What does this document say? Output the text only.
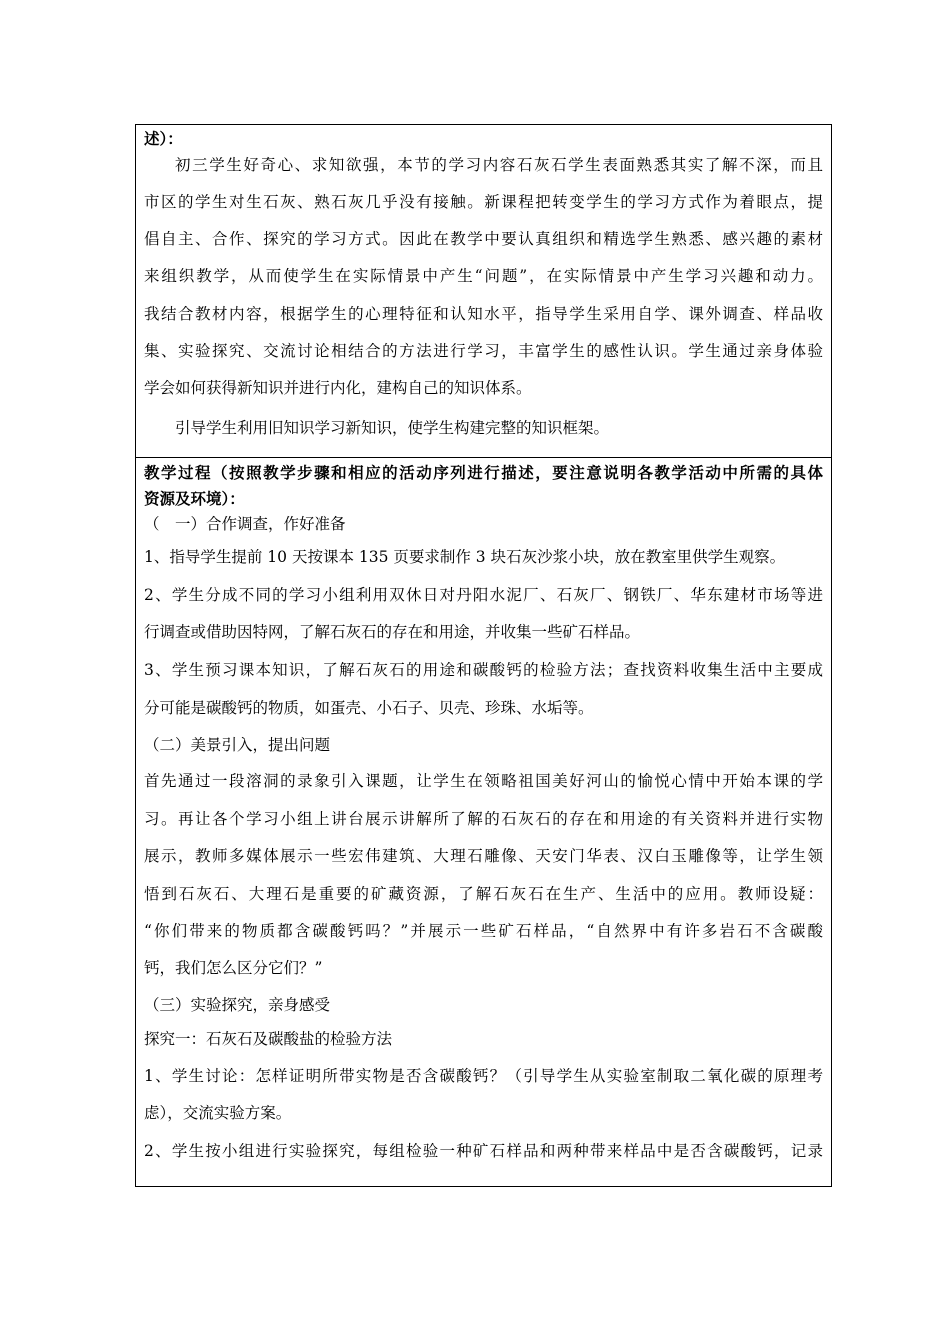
述）：
初三学生好奇心、求知欲强，本节的学习内容石灰石学生表面熟悉其实了解不深，而且
市区的学生对生石灰、熟石灰几乎没有接触。新课程把转变学生的学习方式作为着眼点，提
倡自主、合作、探究的学习方式。因此在教学中要认真组织和精选学生熟悉、感兴趣的素材
来组织教学，从而使学生在实际情景中产生“问题”，在实际情景中产生学习兴趣和动力。
我结合教材内容，根据学生的心理特征和认知水平，指导学生采用自学、课外调查、样品收
集、实验探究、交流讨论相结合的方法进行学习，丰富学生的感性认识。学生通过亲身体验
学会如何获得新知识并进行内化，建构自己的知识体系。
引导学生利用旧知识学习新知识，使学生构建完整的知识框架。
教学过程（按照教学步骤和相应的活动序列进行描述，要注意说明各教学活动中所需的具体
资源及环境）：
（　一）合作调查，作好准备
1、指导学生提前 10 天按课本 135 页要求制作 3 块石灰沙浆小块，放在教室里供学生观察。
2、学生分成不同的学习小组利用双休日对丹阳水泥厂、石灰厂、钢铁厂、华东建材市场等进
行调查或借助因特网，了解石灰石的存在和用途，并收集一些矿石样品。
3、学生预习课本知识，了解石灰石的用途和碳酸钙的检验方法；查找资料收集生活中主要成
分可能是碳酸钙的物质，如蛋壳、小石子、贝壳、珍珠、水垢等。
（二）美景引入，提出问题
首先通过一段溶洞的录象引入课题，让学生在领略祖国美好河山的愉悦心情中开始本课的学
习。再让各个学习小组上讲台展示讲解所了解的石灰石的存在和用途的有关资料并进行实物
展示，教师多媒体展示一些宏伟建筑、大理石雕像、天安门华表、汉白玉雕像等，让学生领
悟到石灰石、大理石是重要的矿藏资源，了解石灰石在生产、生活中的应用。教师设疑：
“你们带来的物质都含碳酸钙吗？”并展示一些矿石样品，“自然界中有许多岩石不含碳酸
钙，我们怎么区分它们？”
（三）实验探究，亲身感受
探究一：石灰石及碳酸盐的检验方法
1、学生讨论：怎样证明所带实物是否含碳酸钙？（引导学生从实验室制取二氧化碳的原理考
虑），交流实验方案。
2、学生按小组进行实验探究，每组检验一种矿石样品和两种带来样品中是否含碳酸钙，记录
